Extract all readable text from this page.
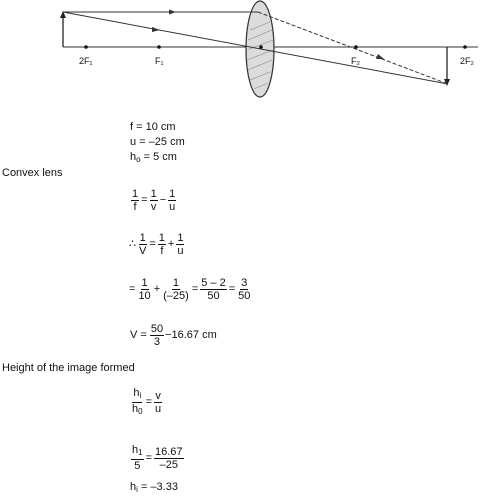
2F₁	F₁	F₂	2F₂
f = 10 cm
u = –25 cm
$h_o = 5$ cm
Convex lens
$\frac{1}{f} = \frac{1}{v} - \frac{1}{u}$
∴ $\frac{1}{V} = \frac{1}{f} + \frac{1}{u}$
= $\frac{1}{10} + \frac{1}{(-25)} = \frac{5 - 2}{50} = \frac{3}{50}$
$V = \frac{50}{3} -16.67$ cm
Height of the image formed
$\frac{h_i}{h_0} = \frac{v}{u}$
$\frac{h_1}{5} = \frac{16.67}{-25}$
$h_i = -3.33$
